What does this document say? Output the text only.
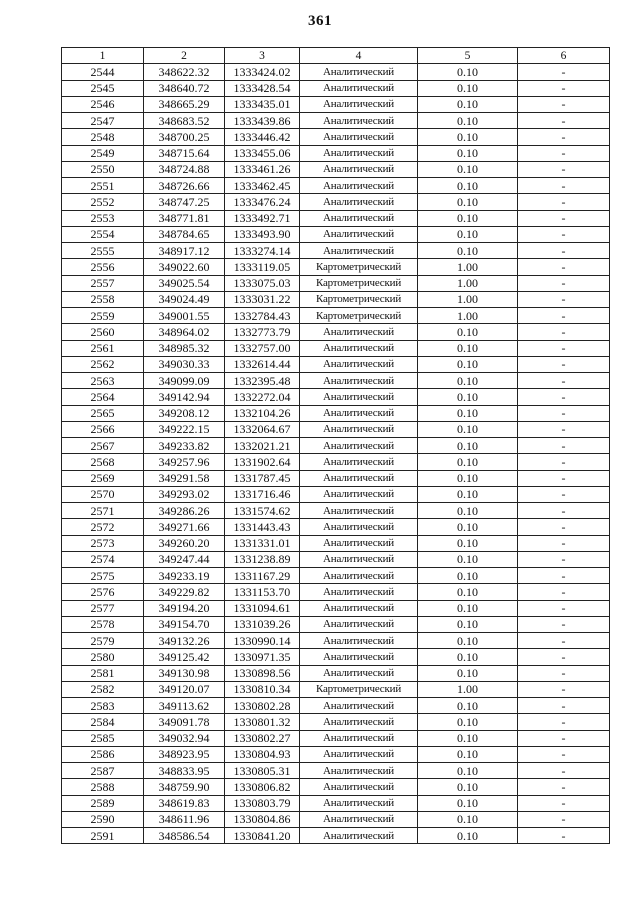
361
1	2	3	4	5	6
2544	348622.32	1333424.02	Аналитический	0.10	-
2545	348640.72	1333428.54	Аналитический	0.10	-
2546	348665.29	1333435.01	Аналитический	0.10	-
2547	348683.52	1333439.86	Аналитический	0.10	-
2548	348700.25	1333446.42	Аналитический	0.10	-
2549	348715.64	1333455.06	Аналитический	0.10	-
2550	348724.88	1333461.26	Аналитический	0.10	-
2551	348726.66	1333462.45	Аналитический	0.10	-
2552	348747.25	1333476.24	Аналитический	0.10	-
2553	348771.81	1333492.71	Аналитический	0.10	-
2554	348784.65	1333493.90	Аналитический	0.10	-
2555	348917.12	1333274.14	Аналитический	0.10	-
2556	349022.60	1333119.05	Картометрический	1.00	-
2557	349025.54	1333075.03	Картометрический	1.00	-
2558	349024.49	1333031.22	Картометрический	1.00	-
2559	349001.55	1332784.43	Картометрический	1.00	-
2560	348964.02	1332773.79	Аналитический	0.10	-
2561	348985.32	1332757.00	Аналитический	0.10	-
2562	349030.33	1332614.44	Аналитический	0.10	-
2563	349099.09	1332395.48	Аналитический	0.10	-
2564	349142.94	1332272.04	Аналитический	0.10	-
2565	349208.12	1332104.26	Аналитический	0.10	-
2566	349222.15	1332064.67	Аналитический	0.10	-
2567	349233.82	1332021.21	Аналитический	0.10	-
2568	349257.96	1331902.64	Аналитический	0.10	-
2569	349291.58	1331787.45	Аналитический	0.10	-
2570	349293.02	1331716.46	Аналитический	0.10	-
2571	349286.26	1331574.62	Аналитический	0.10	-
2572	349271.66	1331443.43	Аналитический	0.10	-
2573	349260.20	1331331.01	Аналитический	0.10	-
2574	349247.44	1331238.89	Аналитический	0.10	-
2575	349233.19	1331167.29	Аналитический	0.10	-
2576	349229.82	1331153.70	Аналитический	0.10	-
2577	349194.20	1331094.61	Аналитический	0.10	-
2578	349154.70	1331039.26	Аналитический	0.10	-
2579	349132.26	1330990.14	Аналитический	0.10	-
2580	349125.42	1330971.35	Аналитический	0.10	-
2581	349130.98	1330898.56	Аналитический	0.10	-
2582	349120.07	1330810.34	Картометрический	1.00	-
2583	349113.62	1330802.28	Аналитический	0.10	-
2584	349091.78	1330801.32	Аналитический	0.10	-
2585	349032.94	1330802.27	Аналитический	0.10	-
2586	348923.95	1330804.93	Аналитический	0.10	-
2587	348833.95	1330805.31	Аналитический	0.10	-
2588	348759.90	1330806.82	Аналитический	0.10	-
2589	348619.83	1330803.79	Аналитический	0.10	-
2590	348611.96	1330804.86	Аналитический	0.10	-
2591	348586.54	1330841.20	Аналитический	0.10	-
